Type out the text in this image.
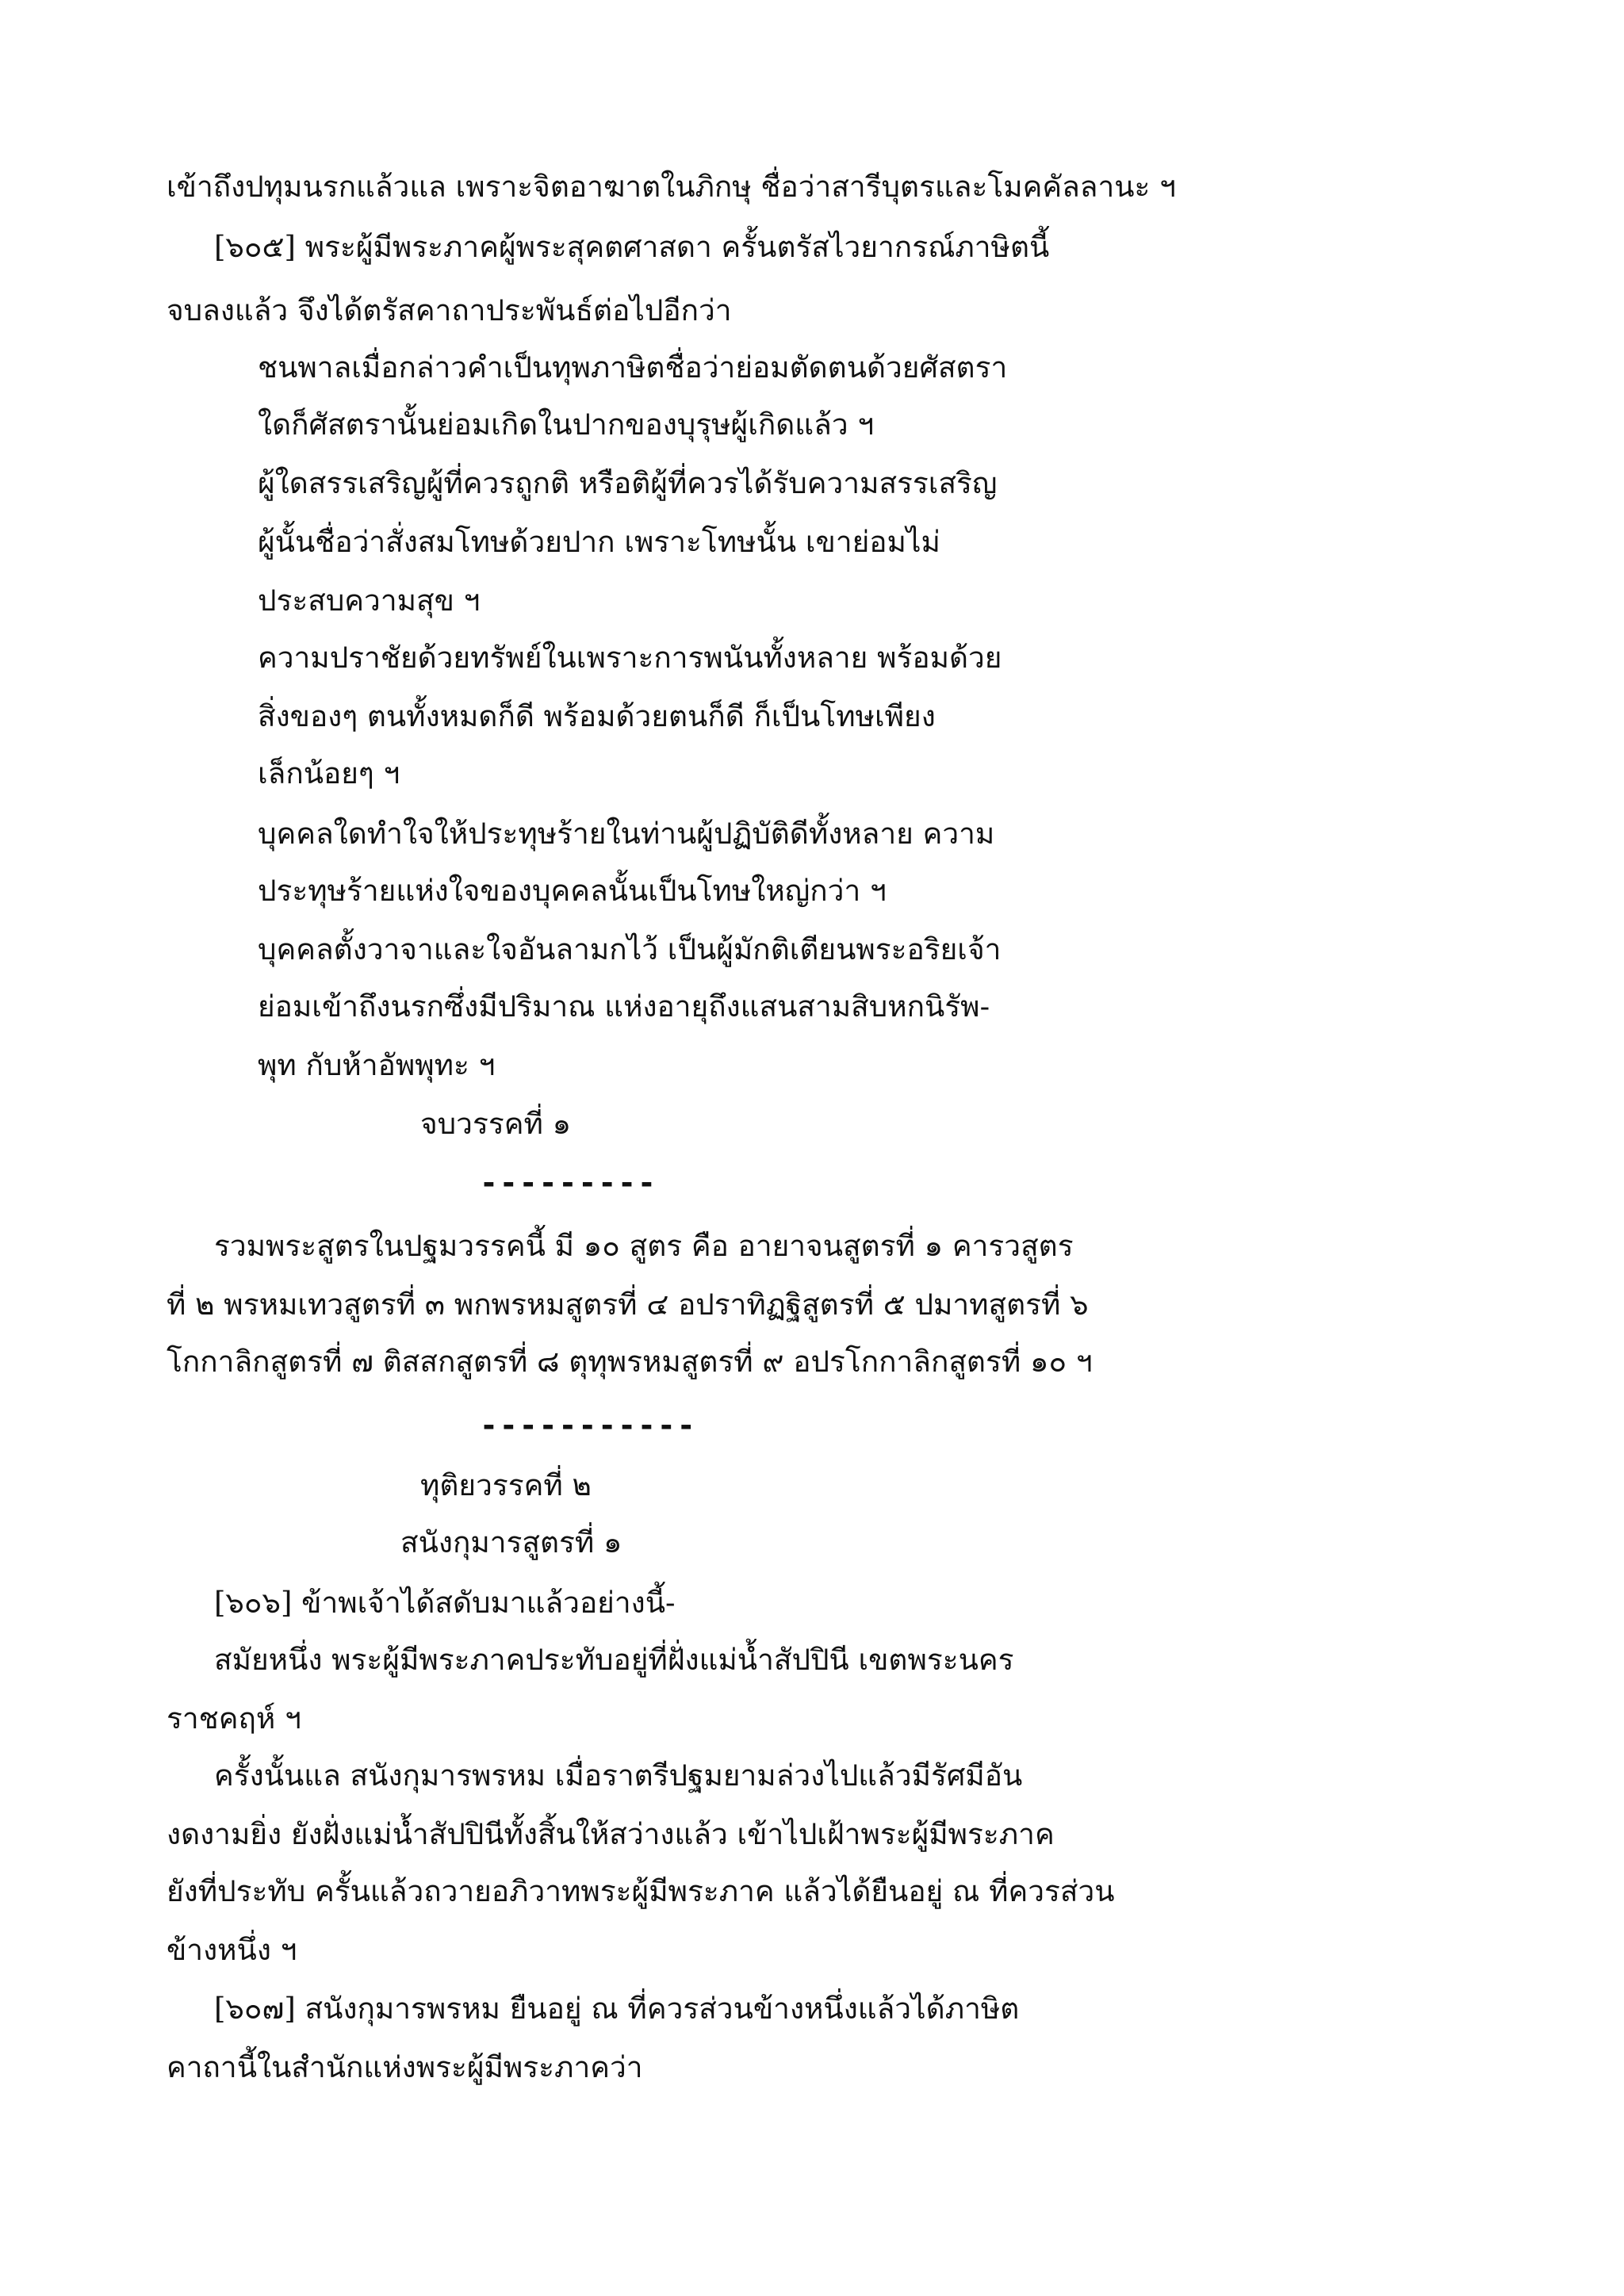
เข้าถึงปทุมนรกแล้วแล เพราะจิตอาฆาตในภิกษุ ชื่อว่าสารีบุตรและโมคคัลลานะ ฯ
[๖๐๕] พระผู้มีพระภาคผู้พระสุคตศาสดา ครั้นตรัสไวยากรณ์ภาษิตนี้
จบลงแล้ว จึงได้ตรัสคาถาประพันธ์ต่อไปอีกว่า
ชนพาลเมื่อกล่าวคำเป็นทุพภาษิตชื่อว่าย่อมตัดตนด้วยศัสตรา
ใดก็ศัสตรานั้นย่อมเกิดในปากของบุรุษผู้เกิดแล้ว ฯ
ผู้ใดสรรเสริญผู้ที่ควรถูกติ หรือติผู้ที่ควรได้รับความสรรเสริญ
ผู้นั้นชื่อว่าสั่งสมโทษด้วยปาก เพราะโทษนั้น เขาย่อมไม่
ประสบความสุข ฯ
ความปราชัยด้วยทรัพย์ในเพราะการพนันทั้งหลาย พร้อมด้วย
สิ่งของๆ ตนทั้งหมดก็ดี พร้อมด้วยตนก็ดี ก็เป็นโทษเพียง
เล็กน้อยๆ ฯ
บุคคลใดทำใจให้ประทุษร้ายในท่านผู้ปฏิบัติดีทั้งหลาย ความ
ประทุษร้ายแห่งใจของบุคคลนั้นเป็นโทษใหญ่กว่า ฯ
บุคคลตั้งวาจาและใจอันลามกไว้ เป็นผู้มักติเตียนพระอริยเจ้า
ย่อมเข้าถึงนรกซึ่งมีปริมาณ แห่งอายุถึงแสนสามสิบหกนิรัพ-
พุท กับห้าอัพพุทะ ฯ
จบวรรคที่ ๑
---------
รวมพระสูตรในปฐมวรรคนี้ มี ๑๐ สูตร คือ อายาจนสูตรที่ ๑ คารวสูตร
ที่ ๒ พรหมเทวสูตรที่ ๓ พกพรหมสูตรที่ ๔ อปราทิฏฐิสูตรที่ ๕ ปมาทสูตรที่ ๖
โกกาลิกสูตรที่ ๗ ติสสกสูตรที่ ๘ ตุทุพรหมสูตรที่ ๙ อปรโกกาลิกสูตรที่ ๑๐ ฯ
-----------
ทุติยวรรคที่ ๒
สนังกุมารสูตรที่ ๑
[๖๐๖] ข้าพเจ้าได้สดับมาแล้วอย่างนี้-
สมัยหนึ่ง พระผู้มีพระภาคประทับอยู่ที่ฝั่งแม่น้ำสัปปินี เขตพระนคร
ราชคฤห์ ฯ
ครั้งนั้นแล สนังกุมารพรหม เมื่อราตรีปฐมยามล่วงไปแล้วมีรัศมีอัน
งดงามยิ่ง ยังฝั่งแม่น้ำสัปปินีทั้งสิ้นให้สว่างแล้ว เข้าไปเฝ้าพระผู้มีพระภาค
ยังที่ประทับ ครั้นแล้วถวายอภิวาทพระผู้มีพระภาค แล้วได้ยืนอยู่ ณ ที่ควรส่วน
ข้างหนึ่ง ฯ
[๖๐๗] สนังกุมารพรหม ยืนอยู่ ณ ที่ควรส่วนข้างหนึ่งแล้วได้ภาษิต
คาถานี้ในสำนักแห่งพระผู้มีพระภาคว่า
